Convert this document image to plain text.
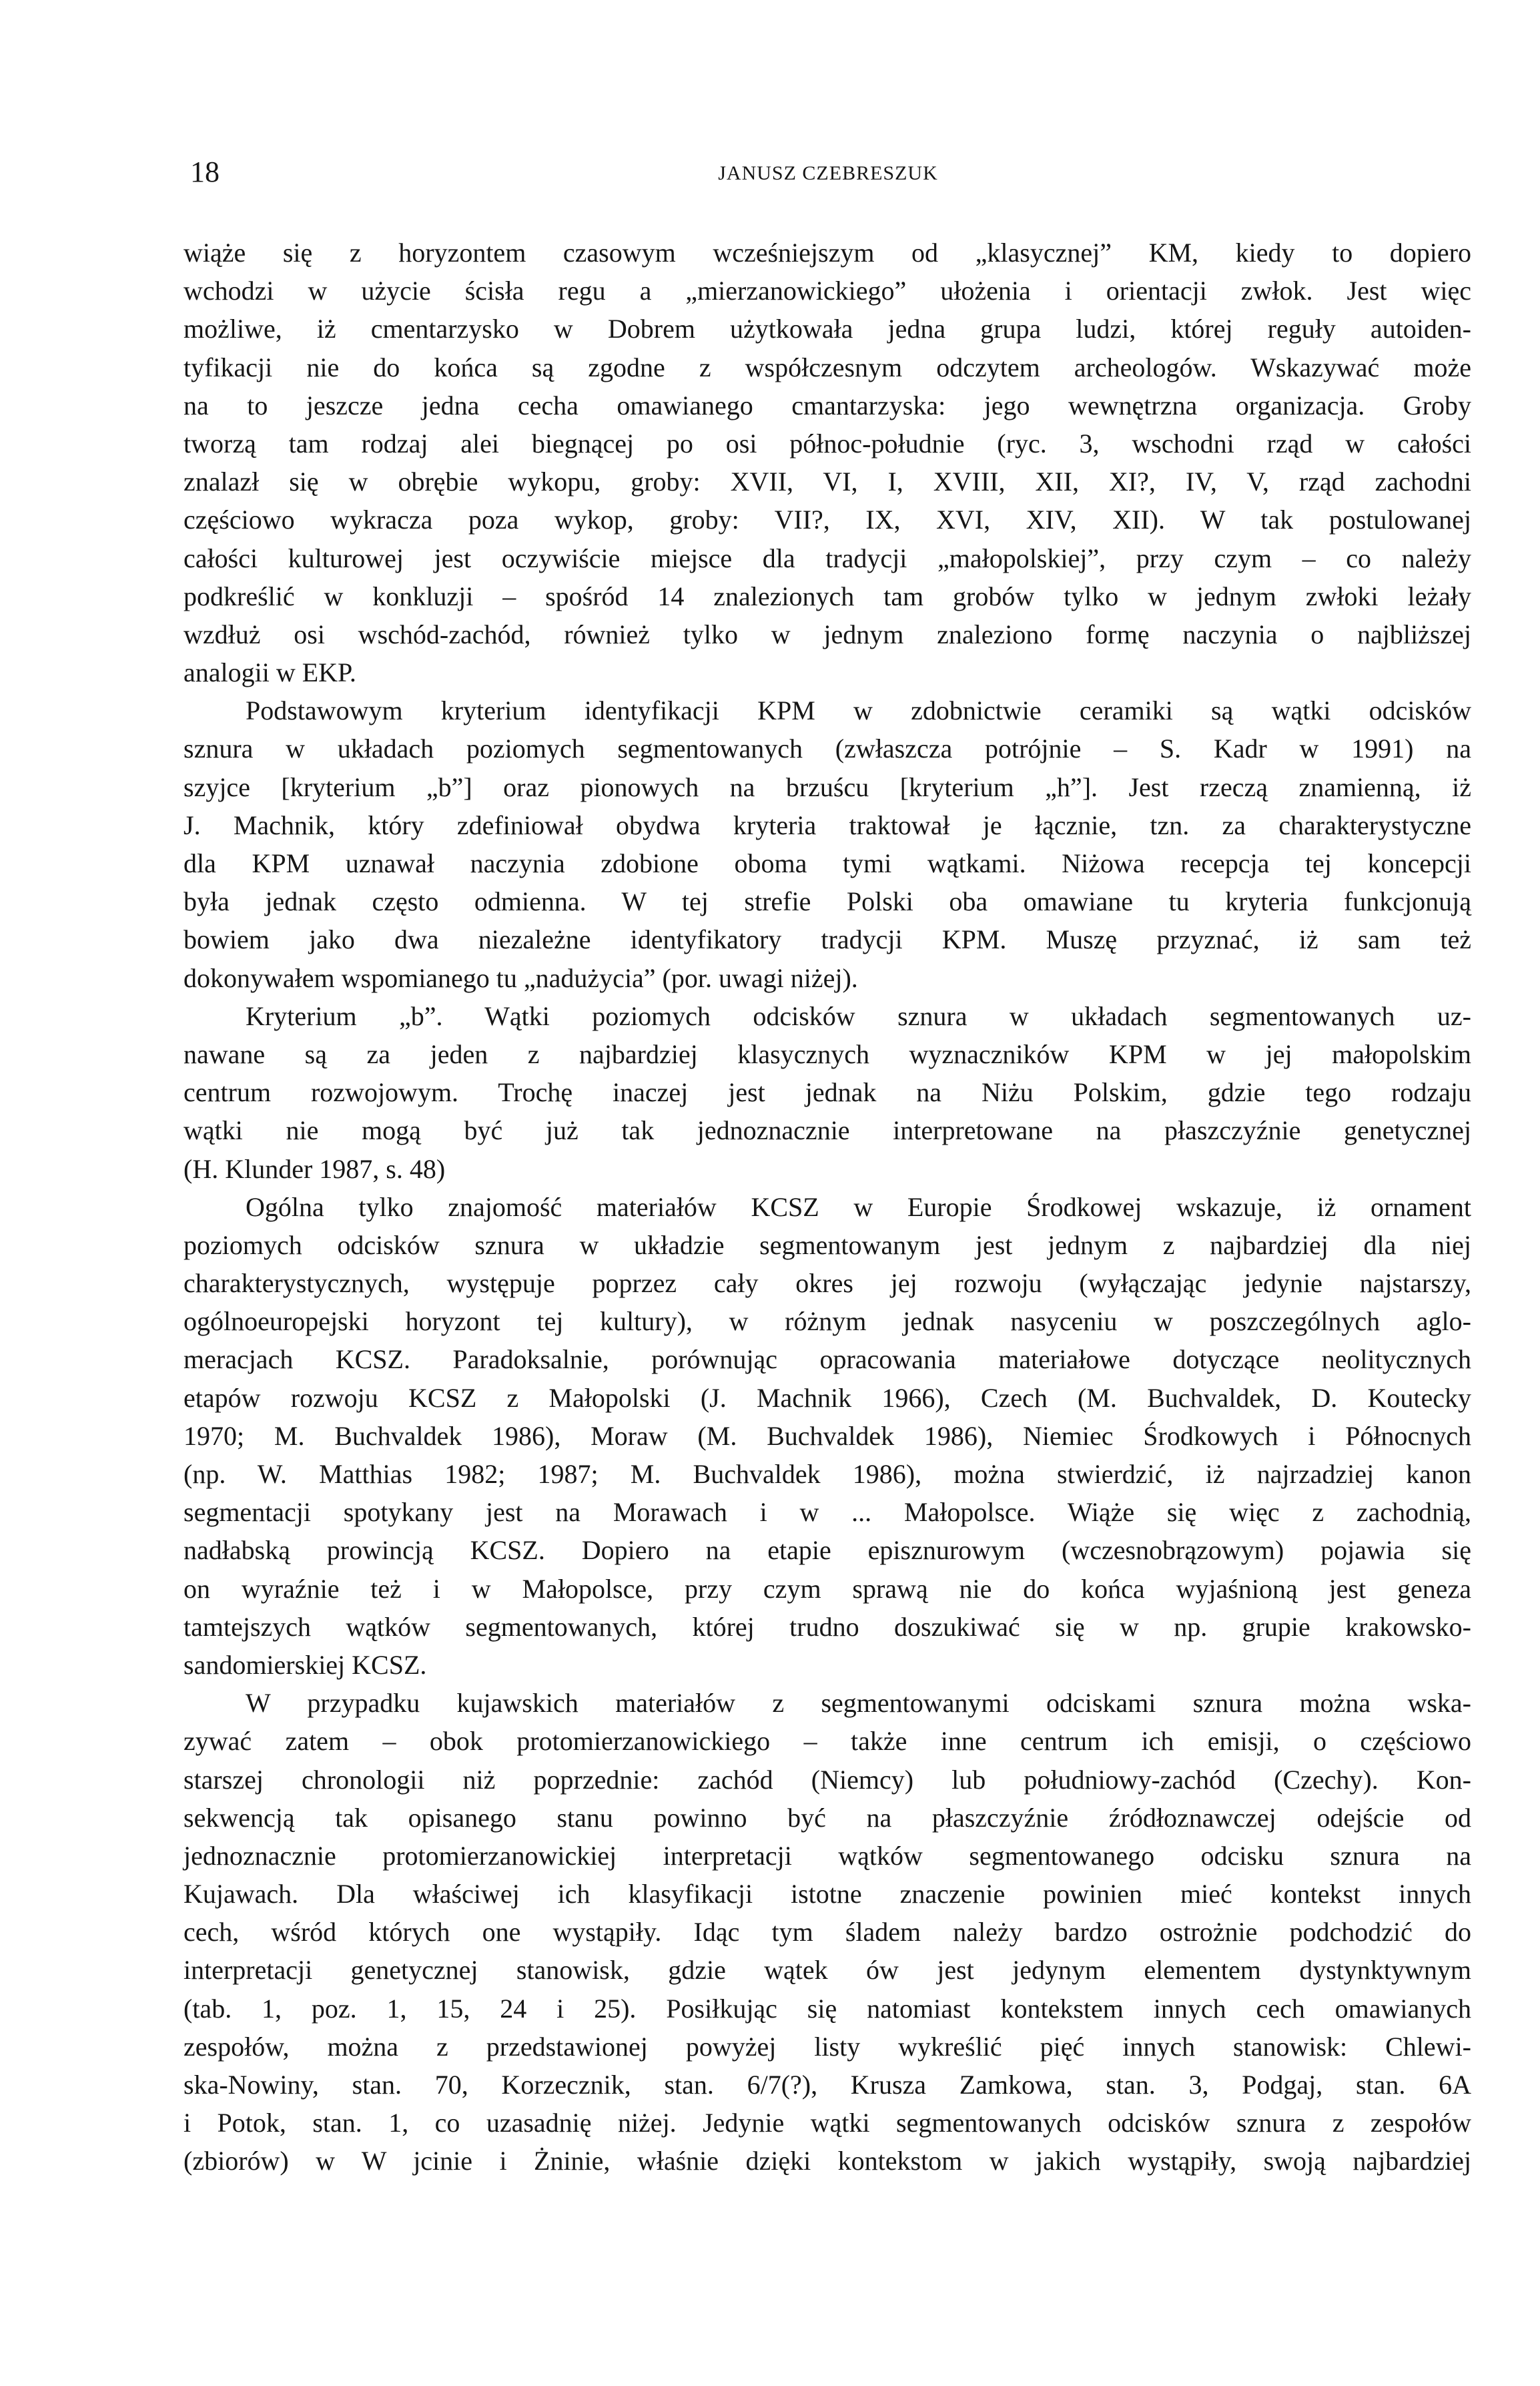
18	JANUSZ CZEBRESZUK
wiąże się z horyzontem czasowym wcześniejszym od „klasycznej” KM, kiedy to dopiero
wchodzi w użycie ścisła regu a „mierzanowickiego” ułożenia i orientacji zwłok. Jest więc
możliwe, iż cmentarzysko w Dobrem użytkowała jedna grupa ludzi, której reguły autoiden-
tyfikacji nie do końca są zgodne z współczesnym odczytem archeologów. Wskazywać może
na to jeszcze jedna cecha omawianego cmantarzyska: jego wewnętrzna organizacja. Groby
tworzą tam rodzaj alei biegnącej po osi północ-południe (ryc. 3, wschodni rząd w całości
znalazł się w obrębie wykopu, groby: XVII, VI, I, XVIII, XII, XI?, IV, V, rząd zachodni
częściowo wykracza poza wykop, groby: VII?, IX, XVI, XIV, XII). W tak postulowanej
całości kulturowej jest oczywiście miejsce dla tradycji „małopolskiej”, przy czym – co należy
podkreślić w konkluzji – spośród 14 znalezionych tam grobów tylko w jednym zwłoki leżały
wzdłuż osi wschód-zachód, również tylko w jednym znaleziono formę naczynia o najbliższej
analogii w EKP.
Podstawowym kryterium identyfikacji KPM w zdobnictwie ceramiki są wątki odcisków
sznura w układach poziomych segmentowanych (zwłaszcza potrójnie – S. Kadr w 1991) na
szyjce [kryterium „b”] oraz pionowych na brzuścu [kryterium „h”]. Jest rzeczą znamienną, iż
J. Machnik, który zdefiniował obydwa kryteria traktował je łącznie, tzn. za charakterystyczne
dla KPM uznawał naczynia zdobione oboma tymi wątkami. Niżowa recepcja tej koncepcji
była jednak często odmienna. W tej strefie Polski oba omawiane tu kryteria funkcjonują
bowiem jako dwa niezależne identyfikatory tradycji KPM. Muszę przyznać, iż sam też
dokonywałem wspomianego tu „nadużycia” (por. uwagi niżej).
Kryterium „b”. Wątki poziomych odcisków sznura w układach segmentowanych uz-
nawane są za jeden z najbardziej klasycznych wyznaczników KPM w jej małopolskim
centrum rozwojowym. Trochę inaczej jest jednak na Niżu Polskim, gdzie tego rodzaju
wątki nie mogą być już tak jednoznacznie interpretowane na płaszczyźnie genetycznej
(H. Klunder 1987, s. 48)
Ogólna tylko znajomość materiałów KCSZ w Europie Środkowej wskazuje, iż ornament
poziomych odcisków sznura w układzie segmentowanym jest jednym z najbardziej dla niej
charakterystycznych, występuje poprzez cały okres jej rozwoju (wyłączając jedynie najstarszy,
ogólnoeuropejski horyzont tej kultury), w różnym jednak nasyceniu w poszczególnych aglo-
meracjach KCSZ. Paradoksalnie, porównując opracowania materiałowe dotyczące neolitycznych
etapów rozwoju KCSZ z Małopolski (J. Machnik 1966), Czech (M. Buchvaldek, D. Koutecky
1970; M. Buchvaldek 1986), Moraw (M. Buchvaldek 1986), Niemiec Środkowych i Północnych
(np. W. Matthias 1982; 1987; M. Buchvaldek 1986), można stwierdzić, iż najrzadziej kanon
segmentacji spotykany jest na Morawach i w ... Małopolsce. Wiąże się więc z zachodnią,
nadłabską prowincją KCSZ. Dopiero na etapie episznurowym (wczesnobrązowym) pojawia się
on wyraźnie też i w Małopolsce, przy czym sprawą nie do końca wyjaśnioną jest geneza
tamtejszych wątków segmentowanych, której trudno doszukiwać się w np. grupie krakowsko-
sandomierskiej KCSZ.
W przypadku kujawskich materiałów z segmentowanymi odciskami sznura można wska-
zywać zatem – obok protomierzanowickiego – także inne centrum ich emisji, o częściowo
starszej chronologii niż poprzednie: zachód (Niemcy) lub południowy-zachód (Czechy). Kon-
sekwencją tak opisanego stanu powinno być na płaszczyźnie źródłoznawczej odejście od
jednoznacznie protomierzanowickiej interpretacji wątków segmentowanego odcisku sznura na
Kujawach. Dla właściwej ich klasyfikacji istotne znaczenie powinien mieć kontekst innych
cech, wśród których one wystąpiły. Idąc tym śladem należy bardzo ostrożnie podchodzić do
interpretacji genetycznej stanowisk, gdzie wątek ów jest jedynym elementem dystynktywnym
(tab. 1, poz. 1, 15, 24 i 25). Posiłkując się natomiast kontekstem innych cech omawianych
zespołów, można z przedstawionej powyżej listy wykreślić pięć innych stanowisk: Chlewi-
ska-Nowiny, stan. 70, Korzecznik, stan. 6/7(?), Krusza Zamkowa, stan. 3, Podgaj, stan. 6A
i Potok, stan. 1, co uzasadnię niżej. Jedynie wątki segmentowanych odcisków sznura z zespołów
(zbiorów) w W jcinie i Żninie, właśnie dzięki kontekstom w jakich wystąpiły, swoją najbardziej
